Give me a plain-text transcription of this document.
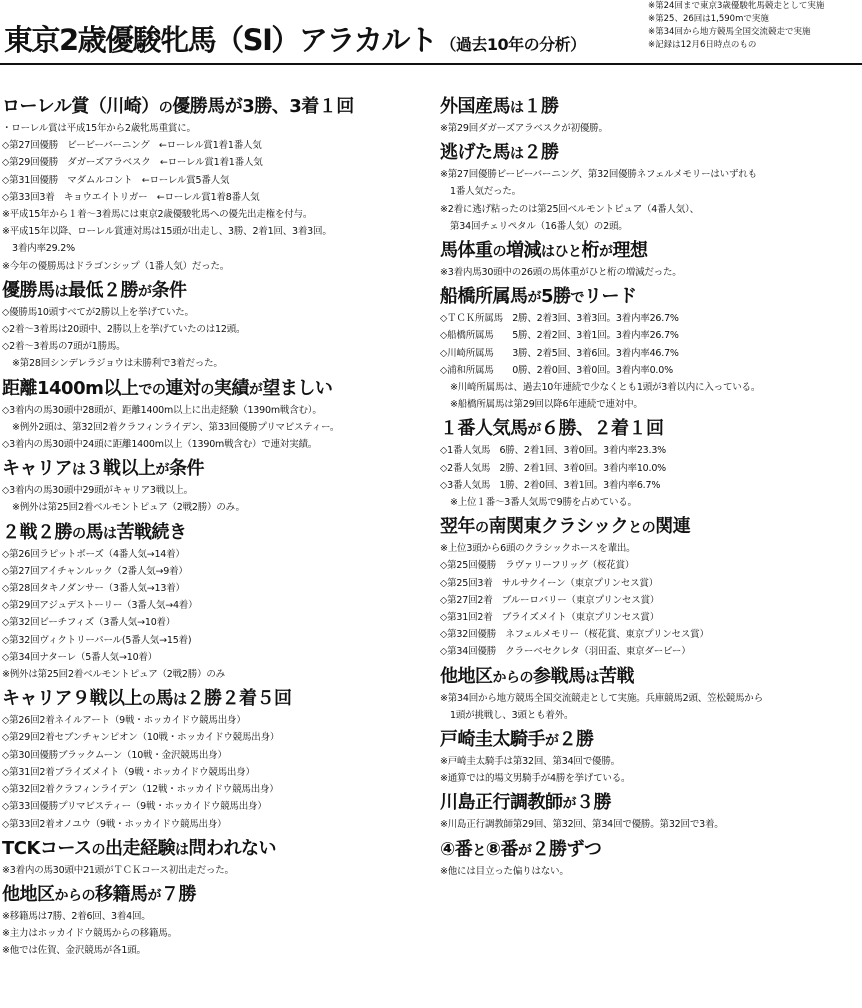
東京2歳優駿牝馬（SI）アラカルト （過去10年の分析）
※第24回まで東京3歳優駿牝馬競走として実施
※第25、26回は1,590mで実施
※第34回から地方競馬全国交流競走で実施
※記録は12月6日時点のもの
ローレル賞（川崎）の優勝馬が3勝、3着１回
・ローレル賞は平成15年から2歳牝馬重賞に。
◇第27回優勝　ビービーバーニング　←ローレル賞1着1番人気
◇第29回優勝　ダガーズアラベスク　←ローレル賞1着1番人気
◇第31回優勝　マダムルコント　←ローレル賞5番人気
◇第33回3着　キョウエイトリガー　←ローレル賞1着8番人気
※平成15年から１着～3着馬には東京2歳優駿牝馬への優先出走権を付与。
※平成15年以降、ローレル賞連対馬は15頭が出走し、3勝、2着1回、3着3回。
3着内率29.2%
※今年の優勝馬はドラゴンシップ（1番人気）だった。
優勝馬は最低２勝が条件
◇優勝馬10頭すべてが2勝以上を挙げていた。
◇2着～3着馬は20頭中、2勝以上を挙げていたのは12頭。
◇2着～3着馬の7頭が1勝馬。
※第28回シンデレラジョウは未勝利で3着だった。
距離1400m以上での連対の実績が望ましい
◇3着内の馬30頭中28頭が、距離1400m以上に出走経験（1390m戦含む）。
※例外2頭は、第32回2着クラフィンライデン、第33回優勝プリマビスティー。
◇3着内の馬30頭中24頭に距離1400m以上（1390m戦含む）で連対実績。
キャリアは３戦以上が条件
◇3着内の馬30頭中29頭がキャリア3戦以上。
※例外は第25回2着ベルモントピュア（2戦2勝）のみ。
２戦２勝の馬は苦戦続き
◇第26回ラピットボーズ（4番人気→14着）
◇第27回アイチャンルック（2番人気→9着）
◇第28回タキノダンサー（3番人気→13着）
◇第29回アジュデストーリー（3番人気→4着）
◇第32回ビーチフィズ（3番人気→10着）
◇第32回ヴィクトリーパール(5番人気→15着)
◇第34回ナターレ（5番人気→10着）
※例外は第25回2着ベルモントピュア（2戦2勝）のみ
キャリア９戦以上の馬は２勝２着５回
◇第26回2着ネイルアート（9戦・ホッカイドウ競馬出身）
◇第29回2着セブンチャンピオン（10戦・ホッカイドウ競馬出身）
◇第30回優勝ブラックムーン（10戦・金沢競馬出身）
◇第31回2着ブライズメイト（9戦・ホッカイドウ競馬出身）
◇第32回2着クラフィンライデン（12戦・ホッカイドウ競馬出身）
◇第33回優勝プリマビスティー（9戦・ホッカイドウ競馬出身）
◇第33回2着オノユウ（9戦・ホッカイドウ競馬出身）
TCKコースの出走経験は問われない
※3着内の馬30頭中21頭がＴＣＫコース初出走だった。
他地区からの移籍馬が７勝
※移籍馬は7勝、2着6回、3着4回。
※主力はホッカイドウ競馬からの移籍馬。
※他では佐賀、金沢競馬が各1頭。
外国産馬は１勝
※第29回ダガーズアラベスクが初優勝。
逃げた馬は２勝
※第27回優勝ビービーバーニング、第32回優勝ネフェルメモリーはいずれも
1番人気だった。
※2着に逃げ粘ったのは第25回ベルモントピュア（4番人気）、
第34回チェリペタル（16番人気）の2頭。
馬体重の増減はひと桁が理想
※3着内馬30頭中の26頭の馬体重がひと桁の増減だった。
船橋所属馬が5勝でリード
◇ＴＣＫ所属馬　2勝、2着3回、3着3回。3着内率26.7%
◇船橋所属馬　　5勝、2着2回、3着1回。3着内率26.7%
◇川崎所属馬　　3勝、2着5回、3着6回。3着内率46.7%
◇浦和所属馬　　0勝、2着0回、3着0回。3着内率0.0%
※川崎所属馬は、過去10年連続で少なくとも1頭が3着以内に入っている。
※船橋所属馬は第29回以降6年連続で連対中。
１番人気馬が６勝、２着１回
◇1番人気馬　6勝、2着1回、3着0回。3着内率23.3%
◇2番人気馬　2勝、2着1回、3着0回。3着内率10.0%
◇3番人気馬　1勝、2着0回、3着1回。3着内率6.7%
※上位１番～3番人気馬で9勝を占めている。
翌年の南関東クラシックとの関連
※上位3頭から6頭のクラシックホースを輩出。
◇第25回優勝　ラヴァリーフリッグ（桜花賞）
◇第25回3着　サルサクイーン（東京プリンセス賞）
◇第27回2着　ブルーロバリー（東京プリンセス賞）
◇第31回2着　ブライズメイト（東京プリンセス賞）
◇第32回優勝　ネフェルメモリー（桜花賞、東京プリンセス賞）
◇第34回優勝　クラーベセクレタ（羽田盃、東京ダービー）
他地区からの参戦馬は苦戦
※第34回から地方競馬全国交流競走として実施。兵庫競馬2頭、笠松競馬から
1頭が挑戦し、3頭とも着外。
戸崎圭太騎手が２勝
※戸崎圭太騎手は第32回、第34回で優勝。
※通算では的場文男騎手が4勝を挙げている。
川島正行調教師が３勝
※川島正行調教師第29回、第32回、第34回で優勝。第32回で3着。
④番と⑧番が２勝ずつ
※他には目立った偏りはない。
